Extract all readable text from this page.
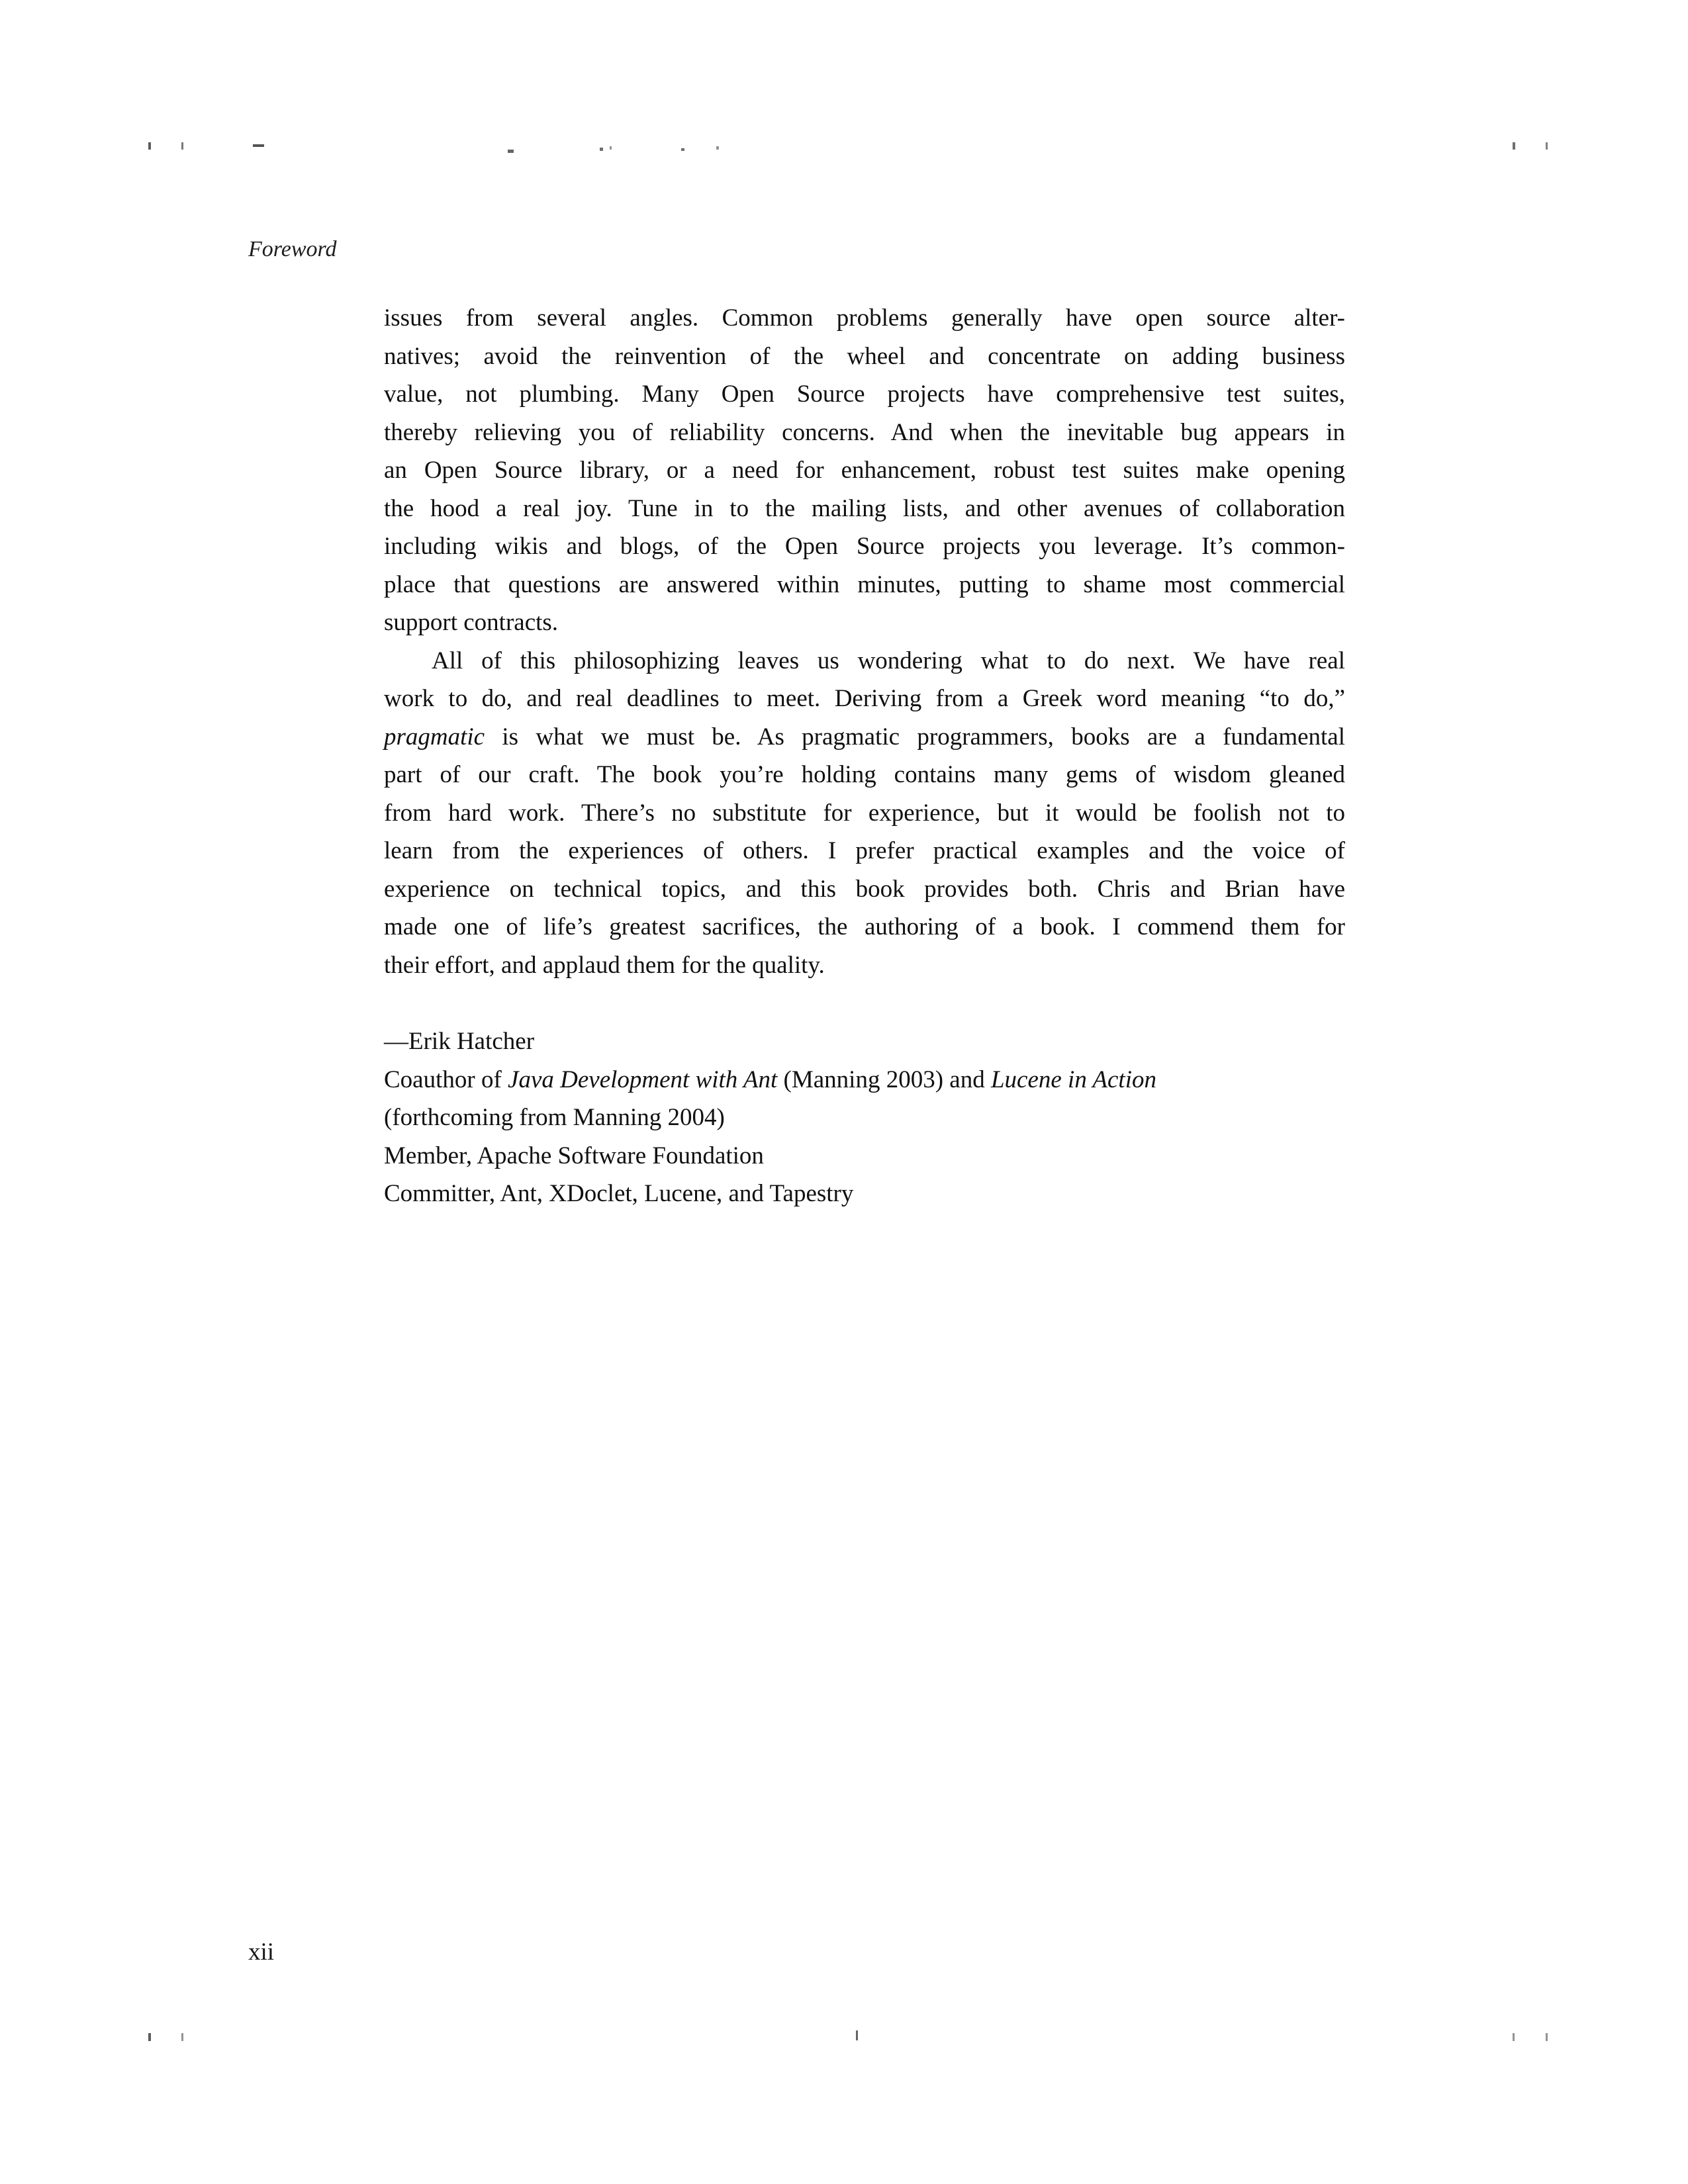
Foreword
issues from several angles. Common problems generally have open source alter-
natives; avoid the reinvention of the wheel and concentrate on adding business
value, not plumbing. Many Open Source projects have comprehensive test suites,
thereby relieving you of reliability concerns. And when the inevitable bug appears in
an Open Source library, or a need for enhancement, robust test suites make opening
the hood a real joy. Tune in to the mailing lists, and other avenues of collaboration
including wikis and blogs, of the Open Source projects you leverage. It’s common-
place that questions are answered within minutes, putting to shame most commercial
support contracts.
All of this philosophizing leaves us wondering what to do next. We have real
work to do, and real deadlines to meet. Deriving from a Greek word meaning “to do,”
pragmatic is what we must be. As pragmatic programmers, books are a fundamental
part of our craft. The book you’re holding contains many gems of wisdom gleaned
from hard work. There’s no substitute for experience, but it would be foolish not to
learn from the experiences of others. I prefer practical examples and the voice of
experience on technical topics, and this book provides both. Chris and Brian have
made one of life’s greatest sacrifices, the authoring of a book. I commend them for
their effort, and applaud them for the quality.
—Erik Hatcher
Coauthor of Java Development with Ant (Manning 2003) and Lucene in Action
(forthcoming from Manning 2004)
Member, Apache Software Foundation
Committer, Ant, XDoclet, Lucene, and Tapestry
xii
